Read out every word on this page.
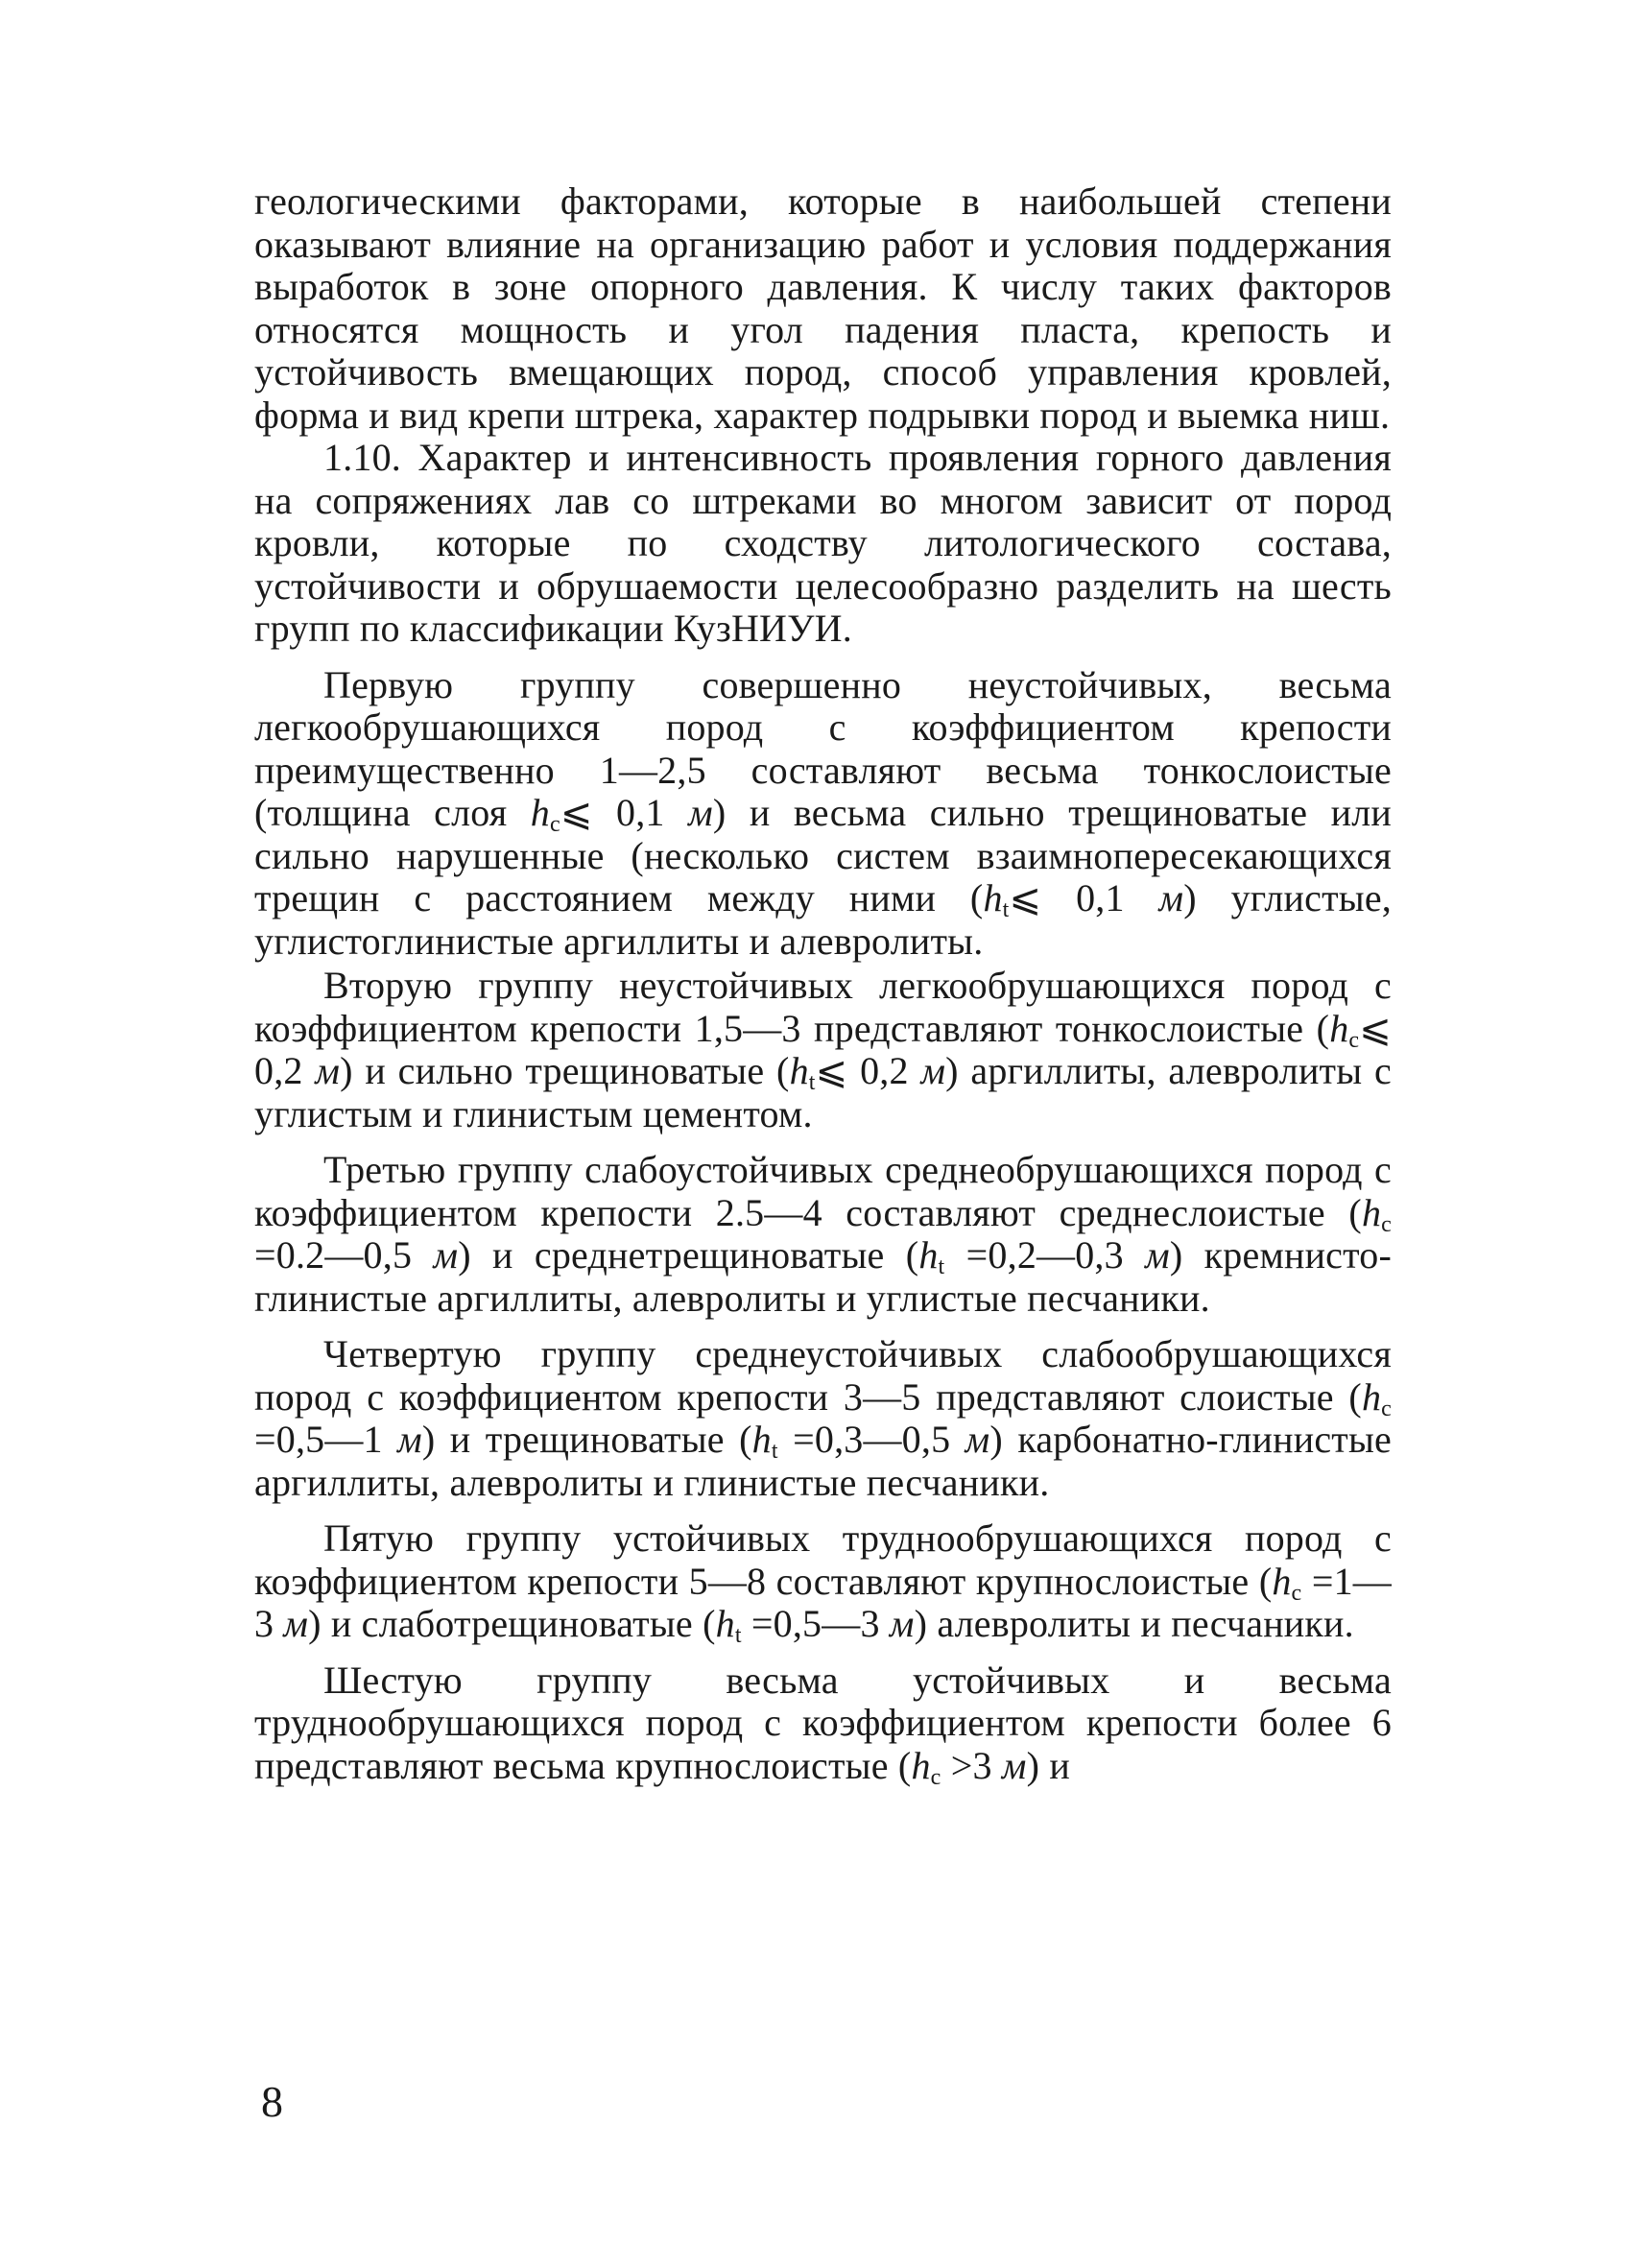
геологическими факторами, которые в наибольшей степени оказывают влияние на организацию работ и условия поддержания выработок в зоне опорного давления. К числу таких факторов относятся мощность и угол падения пласта, крепость и устойчивость вмещающих пород, способ управления кровлей, форма и вид крепи штрека, характер подрывки пород и выемка ниш.

1.10. Характер и интенсивность проявления горного давления на сопряжениях лав со штреками во многом зависит от пород кровли, которые по сходству литологического состава, устойчивости и обрушаемости целесообразно разделить на шесть групп по классификации КузНИУИ.

Первую группу совершенно неустойчивых, весьма легкообрушающихся пород с коэффициентом крепости преимущественно 1—2,5 составляют весьма тонкослоистые (толщина слоя $h_с⩽$ 0,1 м) и весьма сильно трещиноватые или сильно нарушенные (несколько систем взаимнопересекающихся трещин с расстоянием между ними ($h_t⩽$ 0,1 м) углистые, углистоглинистые аргиллиты и алевролиты.

Вторую группу неустойчивых легкообрушающихся пород с коэффициентом крепости 1,5—3 представляют тонкослоистые ($h_с⩽$ 0,2 м) и сильно трещиноватые ($h_t⩽$ 0,2 м) аргиллиты, алевролиты с углистым и глинистым цементом.

Третью группу слабоустойчивых среднеобрушающихся пород с коэффициентом крепости 2.5—4 составляют среднеслоистые ($h_с$ =0.2—0,5 м) и среднетрещиноватые ($h_t$ =0,2—0,3 м) кремнисто-глинистые аргиллиты, алевролиты и углистые песчаники.

Четвертую группу среднеустойчивых слабообрушающихся пород с коэффициентом крепости 3—5 представляют слоистые ($h_с$ =0,5—1 м) и трещиноватые ($h_t$ =0,3—0,5 м) карбонатно-глинистые аргиллиты, алевролиты и глинистые песчаники.

Пятую группу устойчивых труднообрушающихся пород с коэффициентом крепости 5—8 составляют крупнослоистые ($h_с$ =1—3 м) и слаботрещиноватые ($h_t$ =0,5—3 м) алевролиты и песчаники.

Шестую группу весьма устойчивых и весьма труднообрушающихся пород с коэффициентом крепости более 6 представляют весьма крупнослоистые ($h_с >3$ м) и

8
